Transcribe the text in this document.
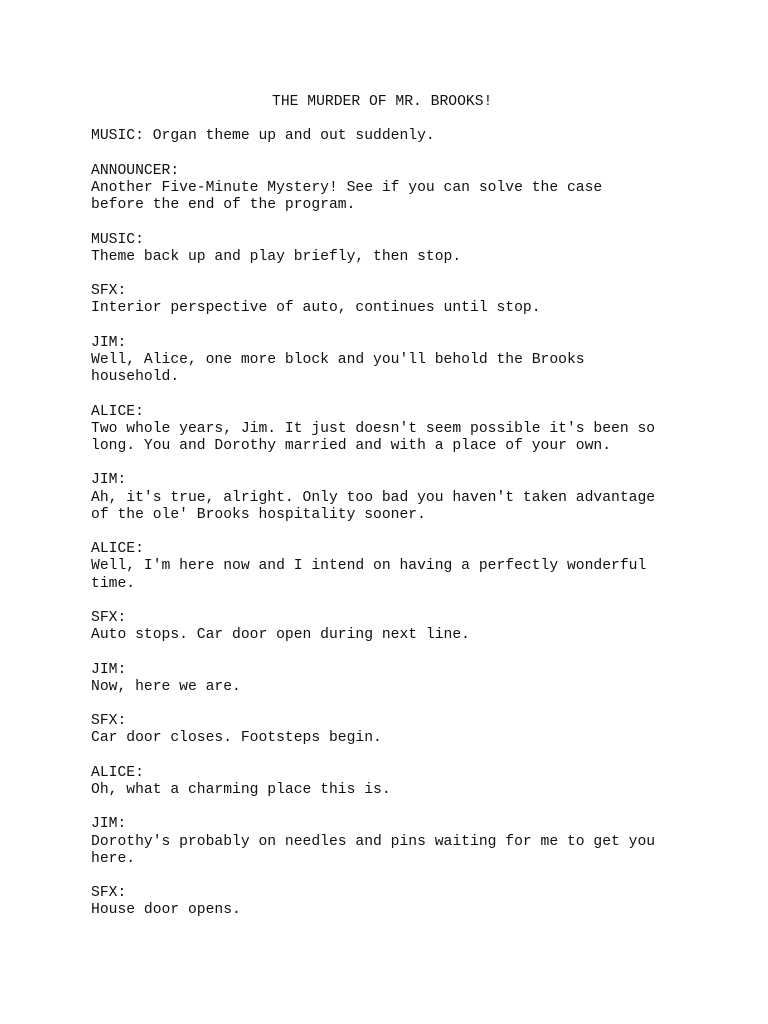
THE MURDER OF MR. BROOKS!
MUSIC: Organ theme up and out suddenly.
ANNOUNCER:
Another Five-Minute Mystery! See if you can solve the case
before the end of the program.
MUSIC:
Theme back up and play briefly, then stop.
SFX:
Interior perspective of auto, continues until stop.
JIM:
Well, Alice, one more block and you'll behold the Brooks
household.
ALICE:
Two whole years, Jim. It just doesn't seem possible it's been so
long. You and Dorothy married and with a place of your own.
JIM:
Ah, it's true, alright. Only too bad you haven't taken advantage
of the ole' Brooks hospitality sooner.
ALICE:
Well, I'm here now and I intend on having a perfectly wonderful
time.
SFX:
Auto stops. Car door open during next line.
JIM:
Now, here we are.
SFX:
Car door closes. Footsteps begin.
ALICE:
Oh, what a charming place this is.
JIM:
Dorothy's probably on needles and pins waiting for me to get you
here.
SFX:
House door opens.
